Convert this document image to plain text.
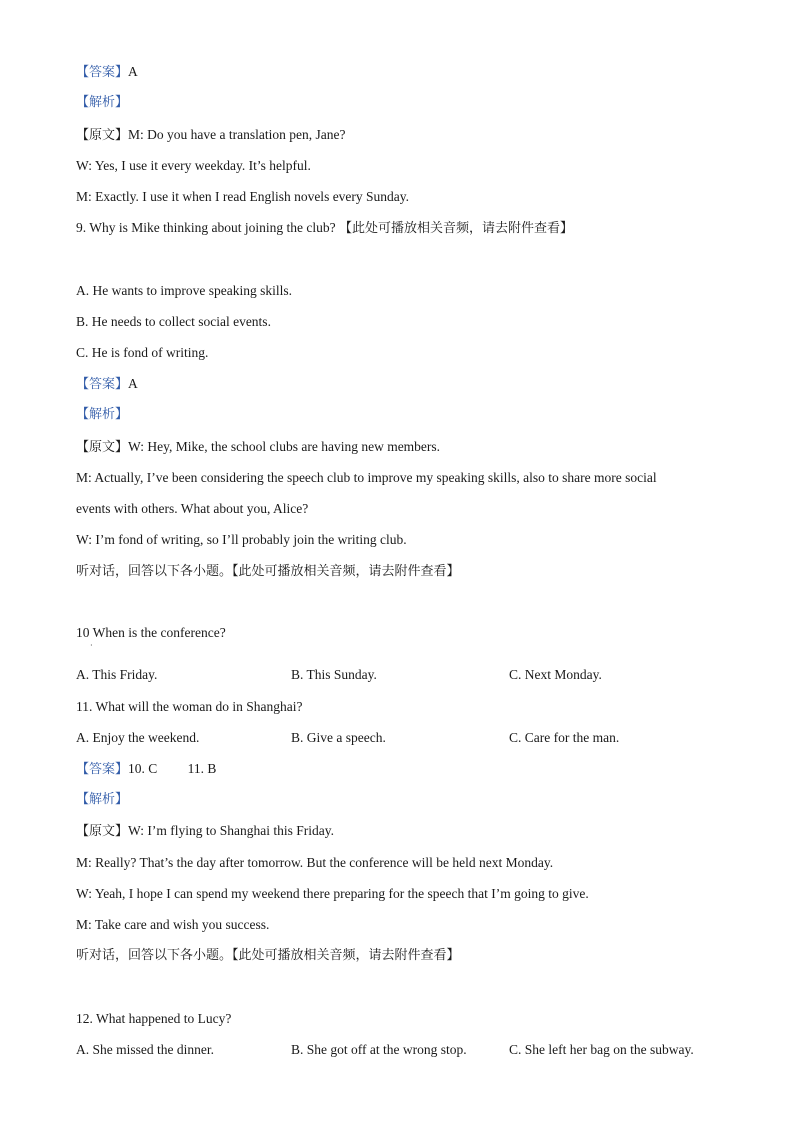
【答案】A
【解析】
【原文】M: Do you have a translation pen, Jane?
W: Yes, I use it every weekday. It’s helpful.
M: Exactly. I use it when I read English novels every Sunday.
9. Why is Mike thinking about joining the club? 【此处可播放相关音频，请去附件查看】
A. He wants to improve speaking skills.
B. He needs to collect social events.
C. He is fond of writing.
【答案】A
【解析】
【原文】W: Hey, Mike, the school clubs are having new members.
M: Actually, I’ve been considering the speech club to improve my speaking skills, also to share more social
events with others. What about you, Alice?
W: I’m fond of writing, so I’ll probably join the writing club.
听对话，回答以下各小题。【此处可播放相关音频，请去附件查看】
10 When is the conference?
·
A. This Friday.	B. This Sunday.	C. Next Monday.
11. What will the woman do in Shanghai?
A. Enjoy the weekend.	B. Give a speech.	C. Care for the man.
【答案】10. C         11. B
【解析】
【原文】W: I’m flying to Shanghai this Friday.
M: Really? That’s the day after tomorrow. But the conference will be held next Monday.
W: Yeah, I hope I can spend my weekend there preparing for the speech that I’m going to give.
M: Take care and wish you success.
听对话，回答以下各小题。【此处可播放相关音频，请去附件查看】
12. What happened to Lucy?
A. She missed the dinner.	B. She got off at the wrong stop.	C. She left her bag on the subway.
